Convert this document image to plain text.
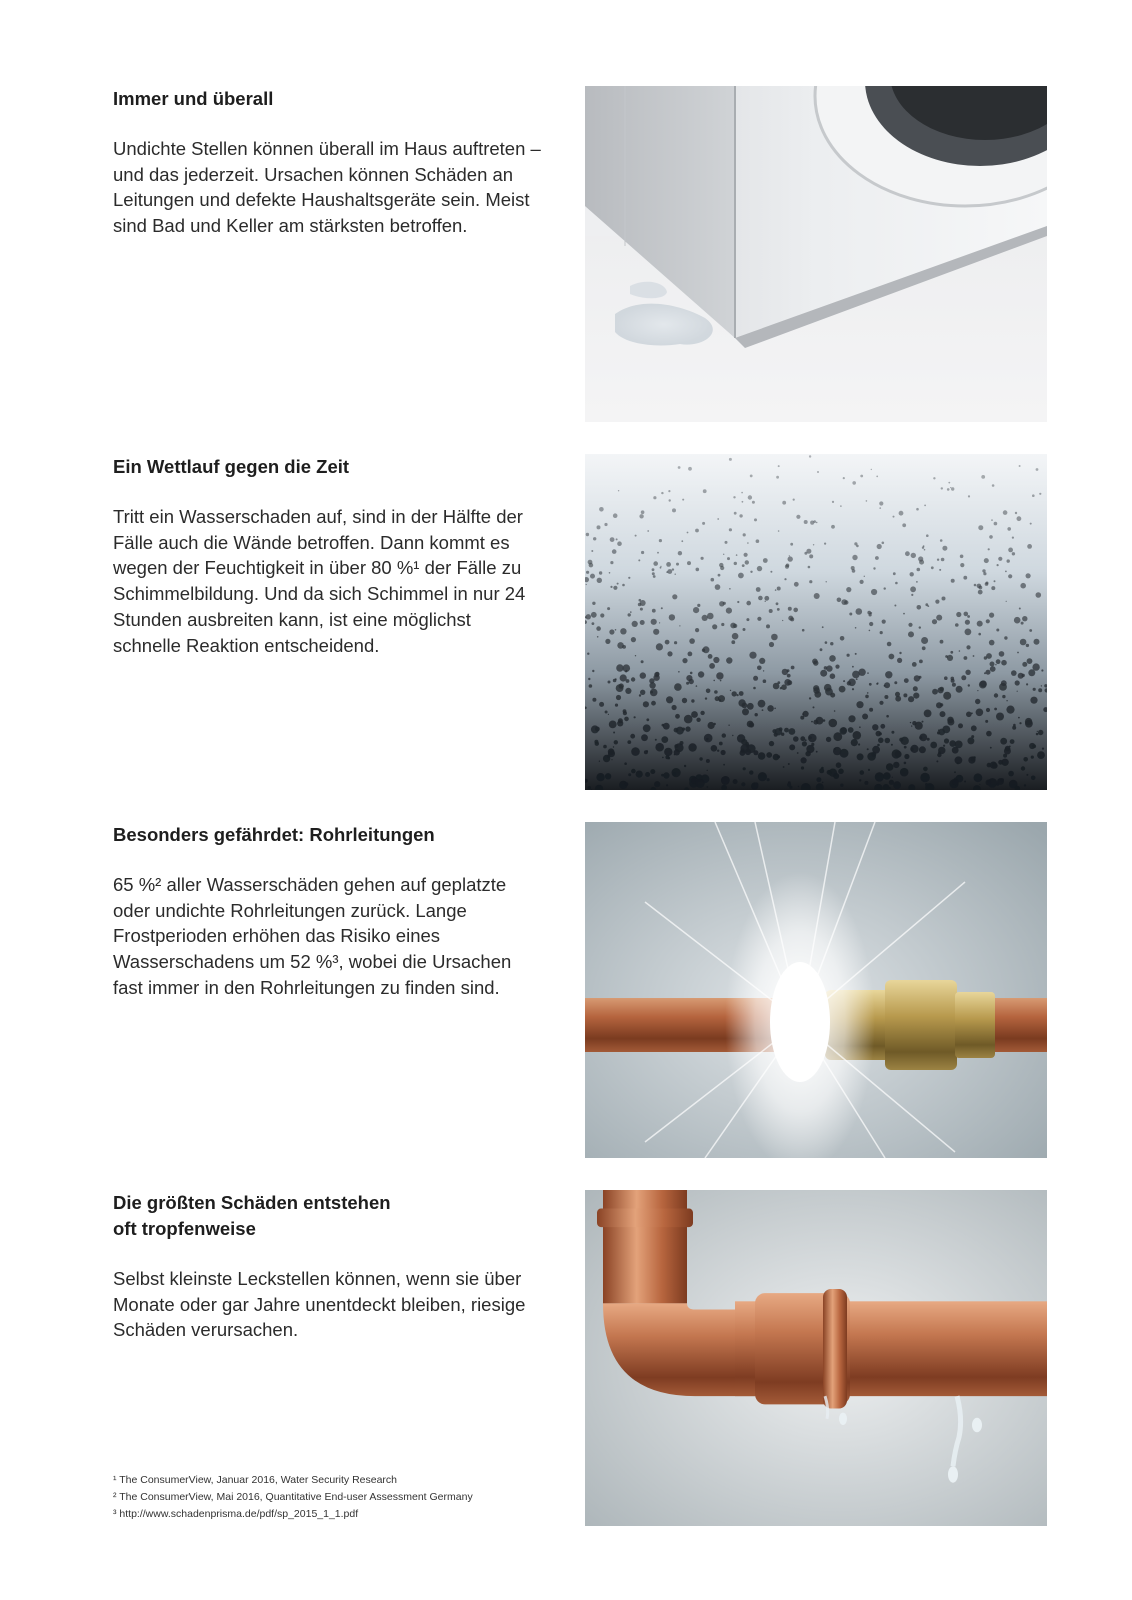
Immer und überall

Undichte Stellen können überall im Haus auftreten – und das jederzeit. Ursachen können Schäden an Leitungen und defekte Haushaltsgeräte sein. Meist sind Bad und Keller am stärksten betroffen.

Ein Wettlauf gegen die Zeit

Tritt ein Wasserschaden auf, sind in der Hälfte der Fälle auch die Wände betroffen. Dann kommt es wegen der Feuchtigkeit in über 80 %¹ der Fälle zu Schimmelbildung. Und da sich Schimmel in nur 24 Stunden ausbreiten kann, ist eine möglichst schnelle Reaktion entscheidend.

Besonders gefährdet: Rohrleitungen

65 %² aller Wasserschäden gehen auf geplatzte oder undichte Rohrleitungen zurück. Lange Frostperioden erhöhen das Risiko eines Wasserschadens um 52 %³, wobei die Ursachen fast immer in den Rohrleitungen zu finden sind.

Die größten Schäden entstehen
oft tropfenweise

Selbst kleinste Leckstellen können, wenn sie über Monate oder gar Jahre unentdeckt bleiben, riesige Schäden verursachen.

¹ The ConsumerView, Januar 2016, Water Security Research
² The ConsumerView, Mai 2016, Quantitative End-user Assessment Germany
³ http://www.schadenprisma.de/pdf/sp_2015_1_1.pdf
